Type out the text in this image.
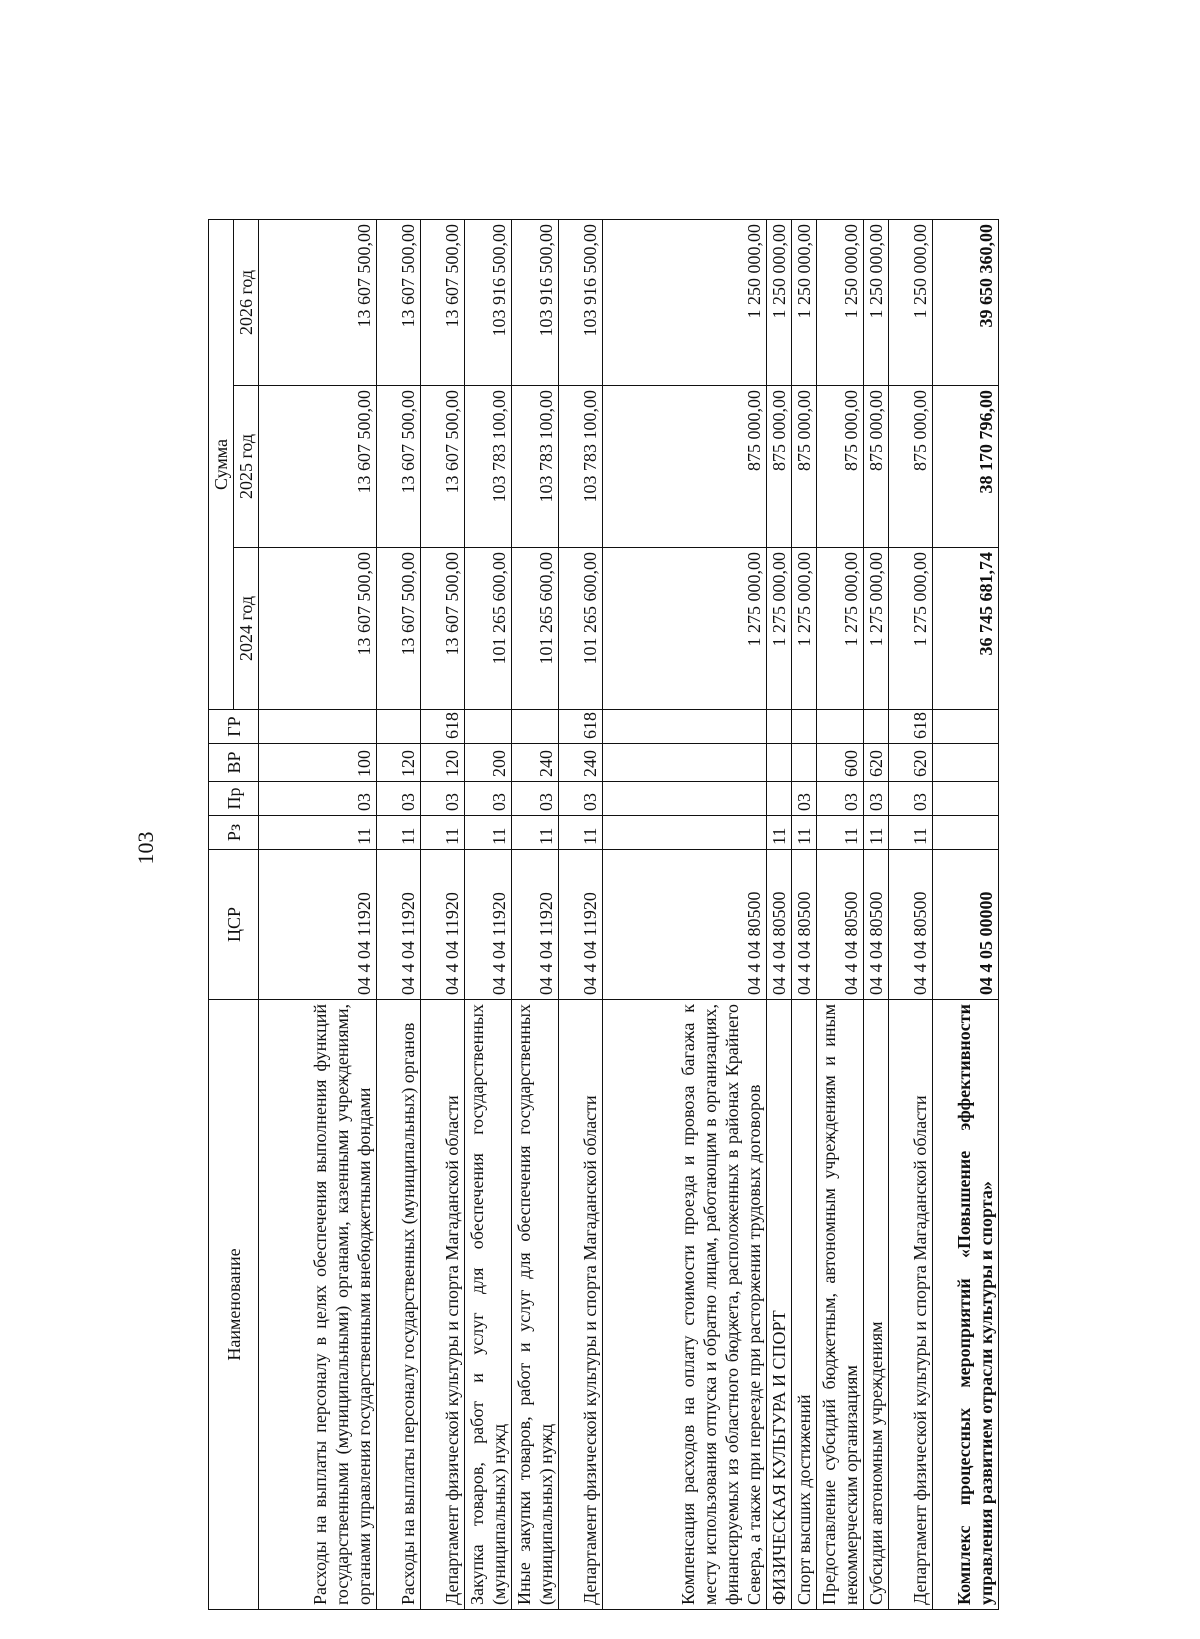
103
Наименование	ЦСР	Рз	Пр	ВР	ГР	Сумма		
						2024 год	2025 год	2026 год
Расходы на выплаты персоналу в целях обеспечения выполнения функций государственными (муниципальными) органами, казенными учреждениями, органами управления государственными внебюджетными фондами	04 4 04 11920	11	03	100		13 607 500,00	13 607 500,00	13 607 500,00
Расходы на выплаты персоналу государственных (муниципальных) органов	04 4 04 11920	11	03	120		13 607 500,00	13 607 500,00	13 607 500,00
Департамент физической культуры и спорта Магаданской области	04 4 04 11920	11	03	120	618	13 607 500,00	13 607 500,00	13 607 500,00
Закупка товаров, работ и услуг для обеспечения государственных (муниципальных) нужд	04 4 04 11920	11	03	200		101 265 600,00	103 783 100,00	103 916 500,00
Иные закупки товаров, работ и услуг для обеспечения государственных (муниципальных) нужд	04 4 04 11920	11	03	240		101 265 600,00	103 783 100,00	103 916 500,00
Департамент физической культуры и спорта Магаданской области	04 4 04 11920	11	03	240	618	101 265 600,00	103 783 100,00	103 916 500,00
Компенсация расходов на оплату стоимости проезда и провоза багажа к месту использования отпуска и обратно лицам, работающим в организациях, финансируемых из областного бюджета, расположенных в районах Крайнего Севера, а также при переезде при расторжении трудовых договоров	04 4 04 80500					1 275 000,00	875 000,00	1 250 000,00
ФИЗИЧЕСКАЯ КУЛЬТУРА И СПОРТ	04 4 04 80500	11				1 275 000,00	875 000,00	1 250 000,00
Спорт высших достижений	04 4 04 80500	11	03			1 275 000,00	875 000,00	1 250 000,00
Предоставление субсидий бюджетным, автономным учреждениям и иным некоммерческим организациям	04 4 04 80500	11	03	600		1 275 000,00	875 000,00	1 250 000,00
Субсидии автономным учреждениям	04 4 04 80500	11	03	620		1 275 000,00	875 000,00	1 250 000,00
Департамент физической культуры и спорта Магаданской области	04 4 04 80500	11	03	620	618	1 275 000,00	875 000,00	1 250 000,00
Комплекс процессных мероприятий «Повышение эффективности управления развитием отрасли культуры и спорта»	04 4 05 00000					36 745 681,74	38 170 796,00	39 650 360,00
